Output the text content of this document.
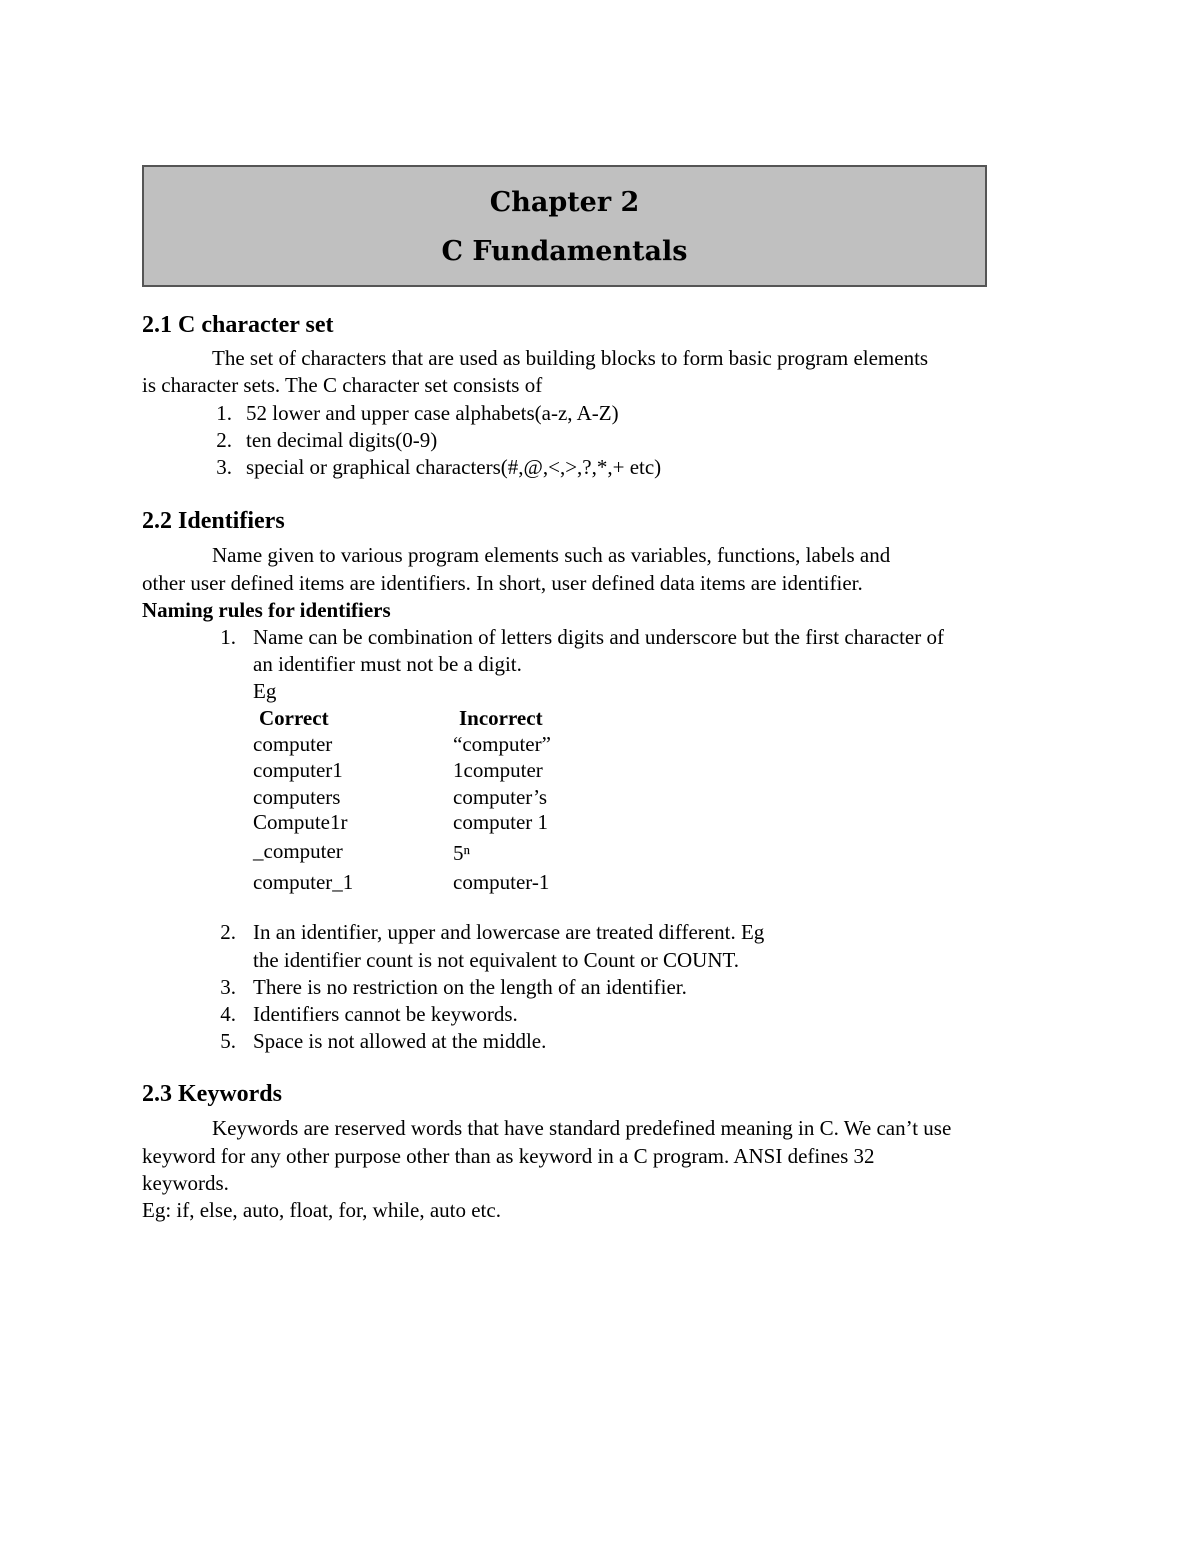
Chapter 2
C Fundamentals
2.1 C character set
The set of characters that are used as building blocks to form basic program elements
is character sets. The C character set consists of
1. 52 lower and upper case alphabets(a-z, A-Z)
2. ten decimal digits(0-9)
3. special or graphical characters(#,@,<,>,?,*,+ etc)
2.2 Identifiers
Name given to various program elements such as variables, functions, labels and
other user defined items are identifiers. In short, user defined data items are identifier.
Naming rules for identifiers
1. Name can be combination of letters digits and underscore but the first character of
an identifier must not be a digit.
Eg
Correct	Incorrect
computer	“computer”
computer1	1computer
computers	computer’s
Compute1r	computer 1
_computer	5ⁿ
computer_1	computer-1
2. In an identifier, upper and lowercase are treated different. Eg
the identifier count is not equivalent to Count or COUNT.
3. There is no restriction on the length of an identifier.
4. Identifiers cannot be keywords.
5. Space is not allowed at the middle.
2.3 Keywords
Keywords are reserved words that have standard predefined meaning in C. We can’t use
keyword for any other purpose other than as keyword in a C program. ANSI defines 32
keywords.
Eg: if, else, auto, float, for, while, auto etc.
